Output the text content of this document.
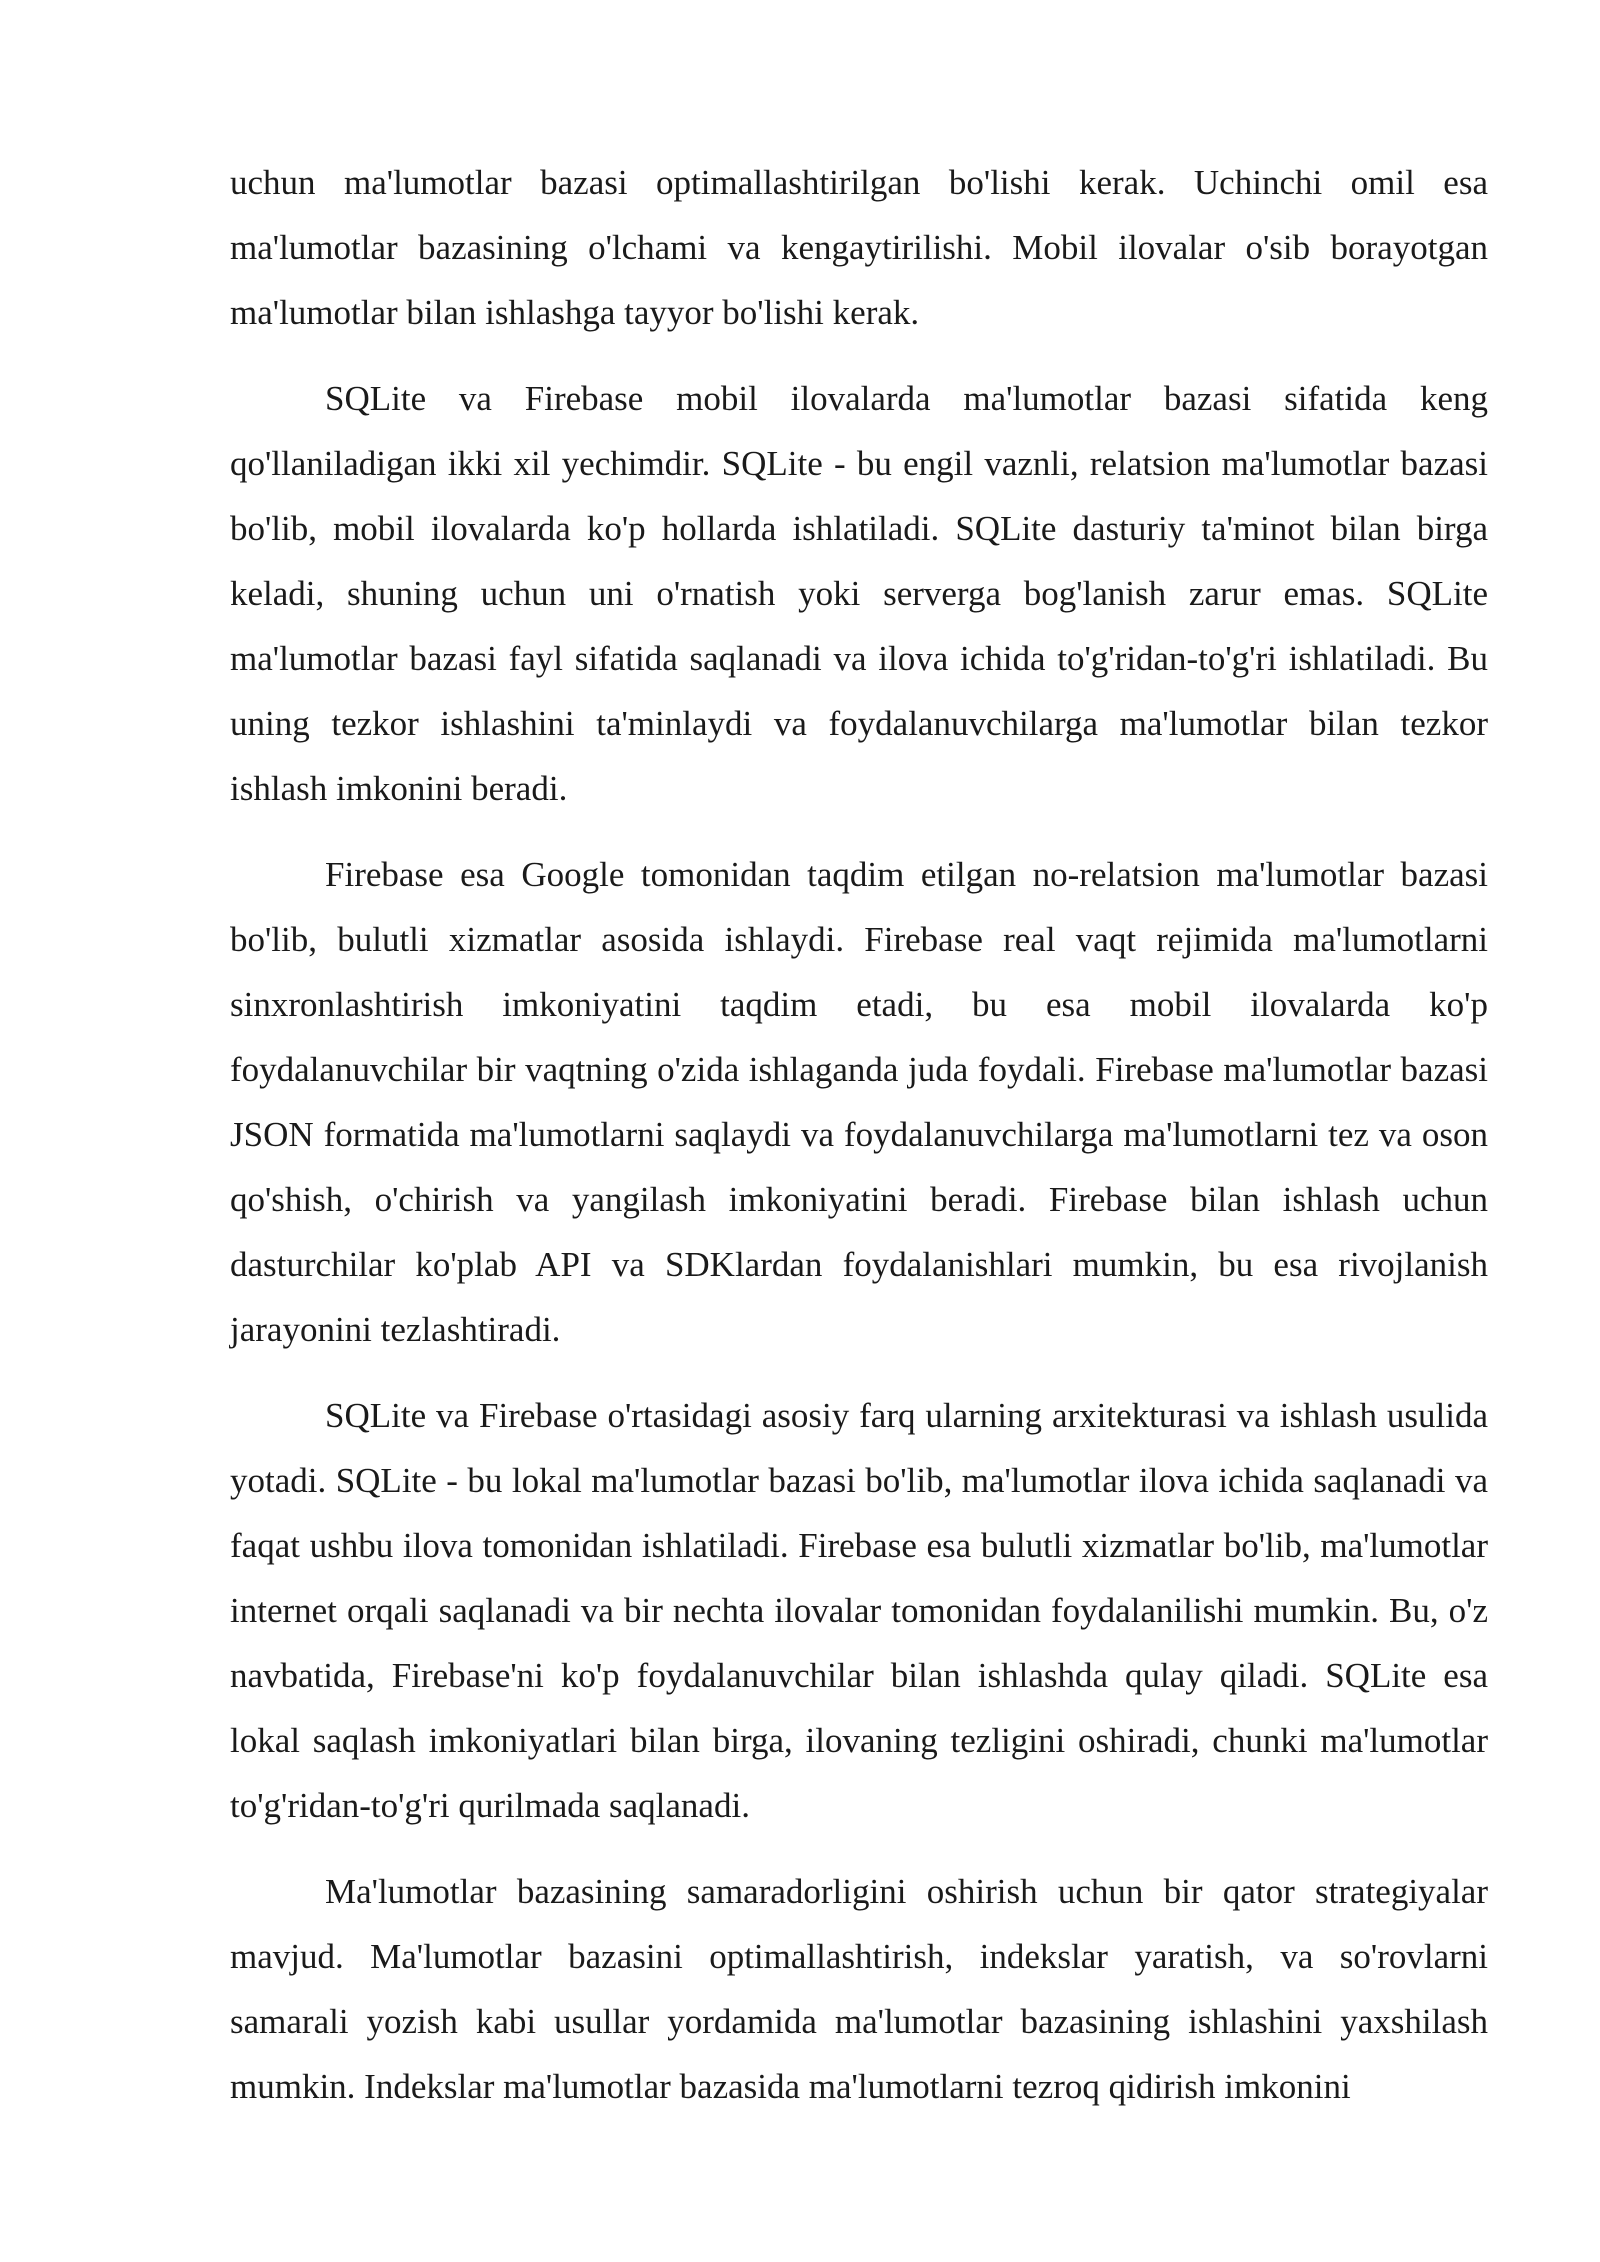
uchun ma'lumotlar bazasi optimallashtirilgan bo'lishi kerak. Uchinchi omil esa ma'lumotlar bazasining o'lchami va kengaytirilishi. Mobil ilovalar o'sib borayotgan ma'lumotlar bilan ishlashga tayyor bo'lishi kerak.

SQLite va Firebase mobil ilovalarda ma'lumotlar bazasi sifatida keng qo'llaniladigan ikki xil yechimdir. SQLite - bu engil vaznli, relatsion ma'lumotlar bazasi bo'lib, mobil ilovalarda ko'p hollarda ishlatiladi. SQLite dasturiy ta'minot bilan birga keladi, shuning uchun uni o'rnatish yoki serverga bog'lanish zarur emas. SQLite ma'lumotlar bazasi fayl sifatida saqlanadi va ilova ichida to'g'ridan-to'g'ri ishlatiladi. Bu uning tezkor ishlashini ta'minlaydi va foydalanuvchilarga ma'lumotlar bilan tezkor ishlash imkonini beradi.

Firebase esa Google tomonidan taqdim etilgan no-relatsion ma'lumotlar bazasi bo'lib, bulutli xizmatlar asosida ishlaydi. Firebase real vaqt rejimida ma'lumotlarni sinxronlashtirish imkoniyatini taqdim etadi, bu esa mobil ilovalarda ko'p foydalanuvchilar bir vaqtning o'zida ishlaganda juda foydali. Firebase ma'lumotlar bazasi JSON formatida ma'lumotlarni saqlaydi va foydalanuvchilarga ma'lumotlarni tez va oson qo'shish, o'chirish va yangilash imkoniyatini beradi. Firebase bilan ishlash uchun dasturchilar ko'plab API va SDKlardan foydalanishlari mumkin, bu esa rivojlanish jarayonini tezlashtiradi.

SQLite va Firebase o'rtasidagi asosiy farq ularning arxitekturasi va ishlash usulida yotadi. SQLite - bu lokal ma'lumotlar bazasi bo'lib, ma'lumotlar ilova ichida saqlanadi va faqat ushbu ilova tomonidan ishlatiladi. Firebase esa bulutli xizmatlar bo'lib, ma'lumotlar internet orqali saqlanadi va bir nechta ilovalar tomonidan foydalanilishi mumkin. Bu, o'z navbatida, Firebase'ni ko'p foydalanuvchilar bilan ishlashda qulay qiladi. SQLite esa lokal saqlash imkoniyatlari bilan birga, ilovaning tezligini oshiradi, chunki ma'lumotlar to'g'ridan-to'g'ri qurilmada saqlanadi.

Ma'lumotlar bazasining samaradorligini oshirish uchun bir qator strategiyalar mavjud. Ma'lumotlar bazasini optimallashtirish, indekslar yaratish, va so'rovlarni samarali yozish kabi usullar yordamida ma'lumotlar bazasining ishlashini yaxshilash mumkin. Indekslar ma'lumotlar bazasida ma'lumotlarni tezroq qidirish imkonini
